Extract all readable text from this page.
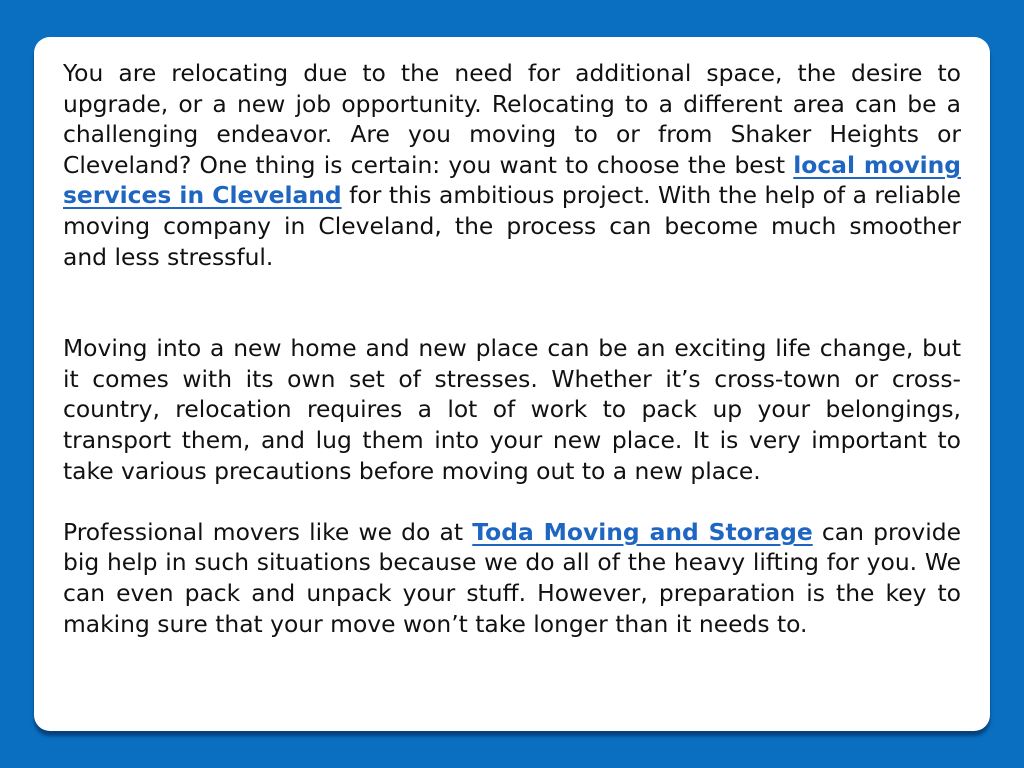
You are relocating due to the need for additional space, the desire to upgrade, or a new job opportunity. Relocating to a different area can be a challenging endeavor. Are you moving to or from Shaker Heights or Cleveland? One thing is certain: you want to choose the best local moving services in Cleveland for this ambitious project. With the help of a reliable moving company in Cleveland, the process can become much smoother and less stressful.

Moving into a new home and new place can be an exciting life change, but it comes with its own set of stresses. Whether it’s cross-town or cross-country, relocation requires a lot of work to pack up your belongings, transport them, and lug them into your new place. It is very important to take various precautions before moving out to a new place.

Professional movers like we do at Toda Moving and Storage can provide big help in such situations because we do all of the heavy lifting for you. We can even pack and unpack your stuff. However, preparation is the key to making sure that your move won’t take longer than it needs to.
